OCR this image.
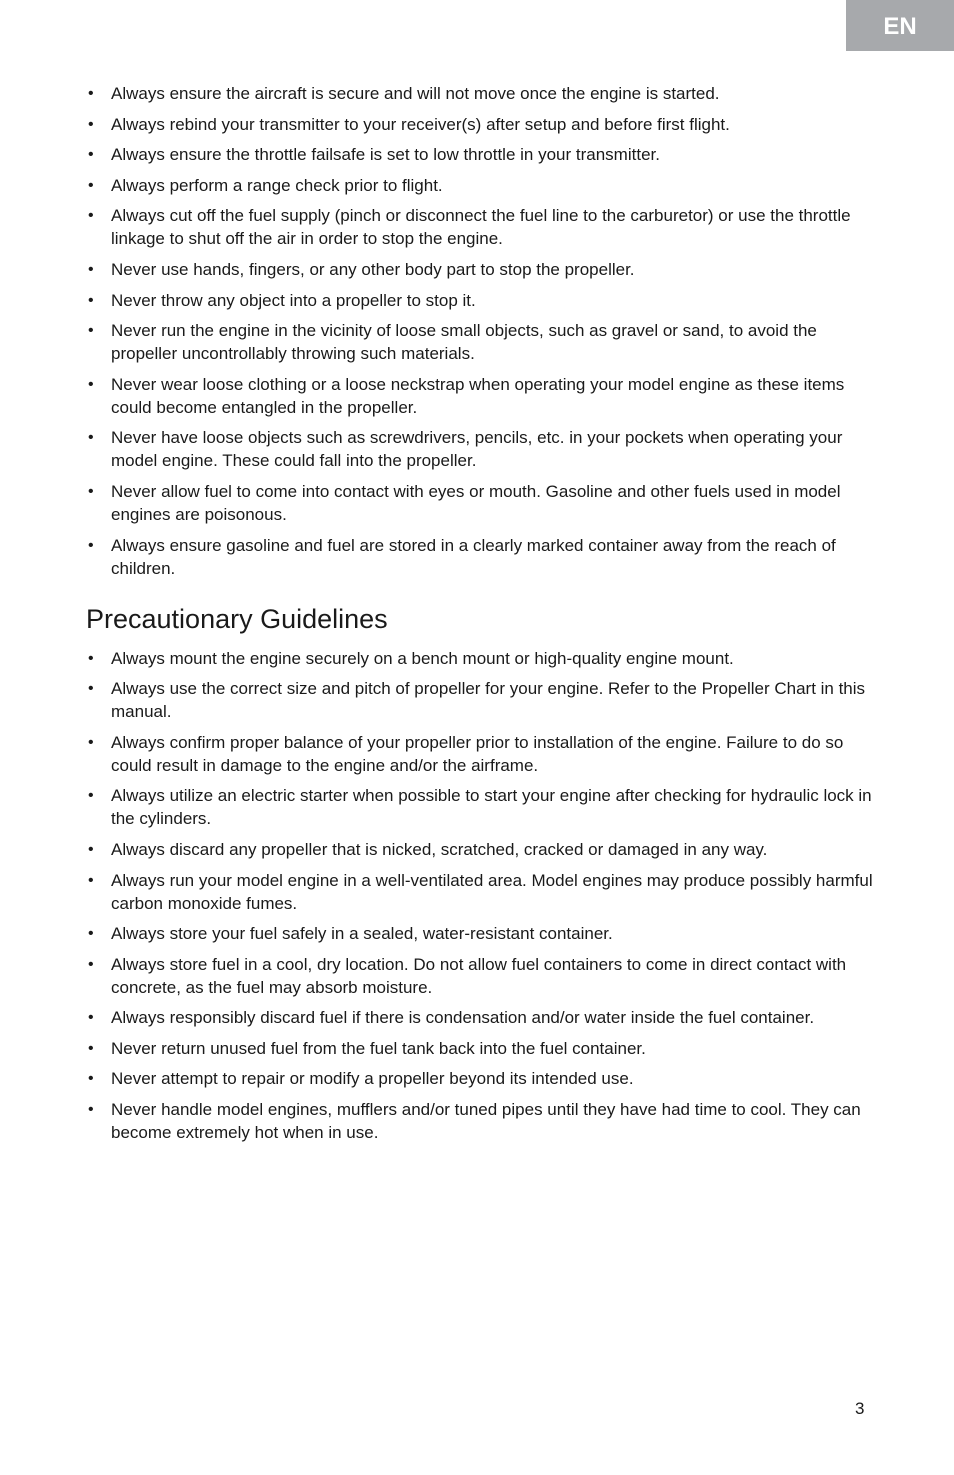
EN
• Always ensure the aircraft is secure and will not move once the engine is started.
• Always rebind your transmitter to your receiver(s) after setup and before first flight.
• Always ensure the throttle failsafe is set to low throttle in your transmitter.
• Always perform a range check prior to flight.
• Always cut off the fuel supply (pinch or disconnect the fuel line to the carburetor) or use the throttle linkage to shut off the air in order to stop the engine.
• Never use hands, fingers, or any other body part to stop the propeller.
• Never throw any object into a propeller to stop it.
• Never run the engine in the vicinity of loose small objects, such as gravel or sand, to avoid the propeller uncontrollably throwing such materials.
• Never wear loose clothing or a loose neckstrap when operating your model engine as these items could become entangled in the propeller.
• Never have loose objects such as screwdrivers, pencils, etc. in your pockets when operating your model engine. These could fall into the propeller.
• Never allow fuel to come into contact with eyes or mouth. Gasoline and other fuels used in model engines are poisonous.
• Always ensure gasoline and fuel are stored in a clearly marked container away from the reach of children.
Precautionary Guidelines
• Always mount the engine securely on a bench mount or high-quality engine mount.
• Always use the correct size and pitch of propeller for your engine. Refer to the Propeller Chart in this manual.
• Always confirm proper balance of your propeller prior to installation of the engine. Failure to do so could result in damage to the engine and/or the airframe.
• Always utilize an electric starter when possible to start your engine after checking for hydraulic lock in the cylinders.
• Always discard any propeller that is nicked, scratched, cracked or damaged in any way.
• Always run your model engine in a well-ventilated area. Model engines may produce possibly harmful carbon monoxide fumes.
• Always store your fuel safely in a sealed, water-resistant container.
• Always store fuel in a cool, dry location. Do not allow fuel containers to come in direct contact with concrete, as the fuel may absorb moisture.
• Always responsibly discard fuel if there is condensation and/or water inside the fuel container.
• Never return unused fuel from the fuel tank back into the fuel container.
• Never attempt to repair or modify a propeller beyond its intended use.
• Never handle model engines, mufflers and/or tuned pipes until they have had time to cool. They can become extremely hot when in use.
3
